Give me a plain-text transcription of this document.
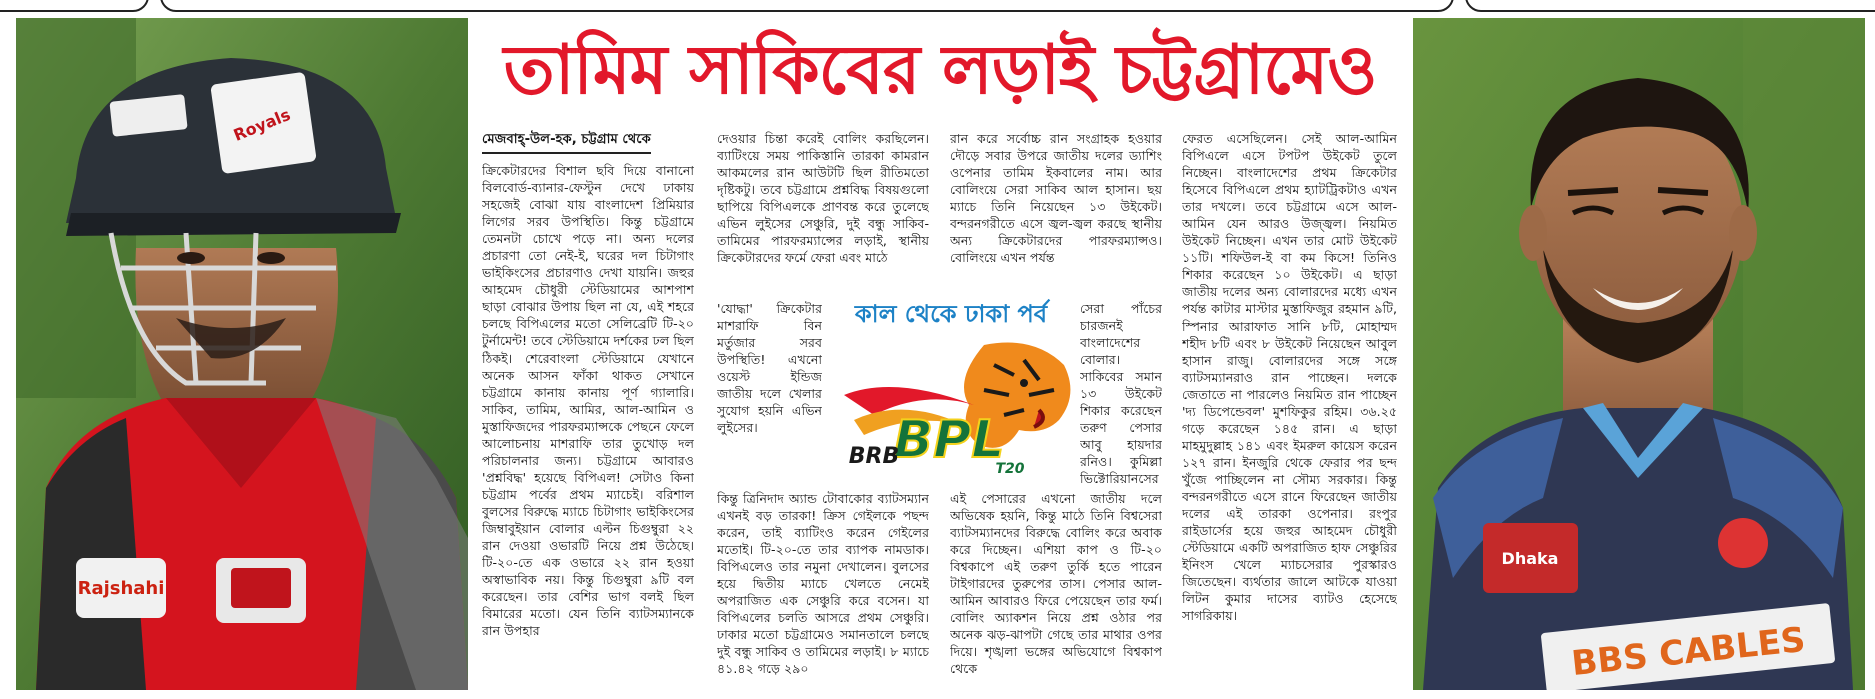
Rajshahi
Royals
Dhaka
BBS CABLES
তামিম সাকিবের লড়াই চট্টগ্রামেও
মেজবাহ্-উল-হক, চট্টগ্রাম থেকে

ক্রিকেটারদের বিশাল ছবি দিয়ে বানানো বিলবোর্ড-ব্যানার-ফেস্টুন দেখে ঢাকায় সহজেই বোঝা যায় বাংলাদেশ প্রিমিয়ার লিগের সরব উপস্থিতি। কিন্তু চট্টগ্রামে তেমনটা চোখে পড়ে না। অন্য দলের প্রচারণা তো নেই-ই, ঘরের দল চিটাগাং ভাইকিংসের প্রচারণাও দেখা যায়নি। জহুর আহমেদ চৌধুরী স্টেডিয়ামের আশপাশ ছাড়া বোঝার উপায় ছিল না যে, এই শহরে চলছে বিপিএলের মতো সেলিব্রেটি টি-২০ টুর্নামেন্ট! তবে স্টেডিয়ামে দর্শকের ঢল ছিল ঠিকই। শেরেবাংলা স্টেডিয়ামে যেখানে অনেক আসন ফাঁকা থাকত সেখানে চট্টগ্রামে কানায় কানায় পূর্ণ গ্যালারি। সাকিব, তামিম, আমির, আল-আমিন ও মুস্তাফিজদের পারফরম্যান্সকে পেছনে ফেলে আলোচনায় মাশরাফি তার তুখোড় দল পরিচালনার জন্য। চট্টগ্রামে আবারও 'প্রশ্নবিদ্ধ' হয়েছে বিপিএল! সেটাও কিনা চট্টগ্রাম পর্বের প্রথম ম্যাচেই। বরিশাল বুলসের বিরুদ্ধে ম্যাচে চিটাগাং ভাইকিংসের জিম্বাবুইয়ান বোলার এল্টন চিগুম্বুরা ২২ রান দেওয়া ওভারটি নিয়ে প্রশ্ন উঠেছে। টি-২০-তে এক ওভারে ২২ রান হওয়া অস্বাভাবিক নয়। কিন্তু চিগুম্বুরা ৯টি বল করেছেন। তার বেশির ভাগ বলই ছিল বিমারের মতো। যেন তিনি ব্যাটসম্যানকে রান উপহার

দেওয়ার চিন্তা করেই বোলিং করছিলেন। ব্যাটিংয়ে সময় পাকিস্তানি তারকা কামরান আকমলের রান আউটটি ছিল রীতিমতো দৃষ্টিকটু। তবে চট্টগ্রামে প্রশ্নবিদ্ধ বিষয়গুলো ছাপিয়ে বিপিএলকে প্রাণবন্ত করে তুলেছে এভিন লুইসের সেঞ্চুরি, দুই বন্ধু সাকিব-তামিমের পারফরম্যান্সের লড়াই, স্থানীয় ক্রিকেটারদের ফর্মে ফেরা এবং মাঠে

'যোদ্ধা' ক্রিকেটার মাশরাফি বিন মর্তুজার সরব উপস্থিতি! এখনো ওয়েস্ট ইন্ডিজ জাতীয় দলে খেলার সুযোগ হয়নি এভিন লুইসের।
কিন্তু ত্রিনিদাদ অ্যান্ড টোবাকোর ব্যাটসম্যান এখনই বড় তারকা! ক্রিস গেইলকে পছন্দ করেন, তাই ব্যাটিংও করেন গেইলের মতোই। টি-২০-তে তার ব্যাপক নামডাক। বিপিএলেও তার নমুনা দেখালেন। বুলসের হয়ে দ্বিতীয় ম্যাচে খেলতে নেমেই অপরাজিত এক সেঞ্চুরি করে বসেন। যা বিপিএলের চলতি আসরে প্রথম সেঞ্চুরি। ঢাকার মতো চট্টগ্রামেও সমানতালে চলছে দুই বন্ধু সাকিব ও তামিমের লড়াই। ৮ ম্যাচে ৪১.৪২ গড়ে ২৯০

রান করে সর্বোচ্চ রান সংগ্রাহক হওয়ার দৌড়ে সবার উপরে জাতীয় দলের ড্যাশিং ওপেনার তামিম ইকবালের নাম। আর বোলিংয়ে সেরা সাকিব আল হাসান। ছয় ম্যাচে তিনি নিয়েছেন ১৩ উইকেট। বন্দরনগরীতে এসে জ্বল-জ্বল করছে স্থানীয় অন্য ক্রিকেটারদের পারফরম্যান্সও। বোলিংয়ে এখন পর্যন্ত

সেরা পাঁচের চারজনই বাংলাদেশের বোলার। সাকিবের সমান ১৩ উইকেট শিকার করেছেন তরুণ পেসার আবু হায়দার রনিও। কুমিল্লা ভিক্টোরিয়ানসের
এই পেসারের এখনো জাতীয় দলে অভিষেক হয়নি, কিন্তু মাঠে তিনি বিশ্বসেরা ব্যাটসম্যানদের বিরুদ্ধে বোলিং করে অবাক করে দিচ্ছেন। এশিয়া কাপ ও টি-২০ বিশ্বকাপে এই তরুণ তুর্কি হতে পারেন টাইগারদের তুরুপের তাস। পেসার আল-আমিন আবারও ফিরে পেয়েছেন তার ফর্ম। বোলিং অ্যাকশন নিয়ে প্রশ্ন ওঠার পর অনেক ঝড়-ঝাপটা গেছে তার মাথার ওপর দিয়ে। শৃঙ্খলা ভঙ্গের অভিযোগে বিশ্বকাপ থেকে

ফেরত এসেছিলেন। সেই আল-আমিন বিপিএলে এসে টপটপ উইকেট তুলে নিচ্ছেন। বাংলাদেশের প্রথম ক্রিকেটার হিসেবে বিপিএলে প্রথম হ্যাটট্রিকটাও এখন তার দখলে। তবে চট্টগ্রামে এসে আল-আমিন যেন আরও উজ্জ্বল। নিয়মিত উইকেট নিচ্ছেন। এখন তার মোট উইকেট ১১টি। শফিউল-ই বা কম কিসে! তিনিও শিকার করেছেন ১০ উইকেট। এ ছাড়া জাতীয় দলের অন্য বোলারদের মধ্যে এখন পর্যন্ত কাটার মাস্টার মুস্তাফিজুর রহমান ৯টি, স্পিনার আরাফাত সানি ৮টি, মোহাম্মদ শহীদ ৮টি এবং ৮ উইকেট নিয়েছেন আবুল হাসান রাজু। বোলারদের সঙ্গে সঙ্গে ব্যাটসম্যানরাও রান পাচ্ছেন। দলকে জেতাতে না পারলেও নিয়মিত রান পাচ্ছেন 'দ্য ডিপেন্ডেবল' মুশফিকুর রহিম। ৩৬.২৫ গড়ে করেছেন ১৪৫ রান। এ ছাড়া মাহমুদুল্লাহ ১৪১ এবং ইমরুল কায়েস করেন ১২৭ রান। ইনজুরি থেকে ফেরার পর ছন্দ খুঁজে পাচ্ছিলেন না সৌম্য সরকার। কিন্তু বন্দরনগরীতে এসে রানে ফিরেছেন জাতীয় দলের এই তারকা ওপেনার। রংপুর রাইডার্সের হয়ে জহুর আহমেদ চৌধুরী স্টেডিয়ামে একটি অপরাজিত হাফ সেঞ্চুরির ইনিংস খেলে ম্যাচসেরার পুরস্কারও জিতেছেন। ব্যর্থতার জালে আটকে যাওয়া লিটন কুমার দাসের ব্যাটও হেসেছে সাগরিকায়।

কাল থেকে ঢাকা পর্ব
BPL
BRB	T20
